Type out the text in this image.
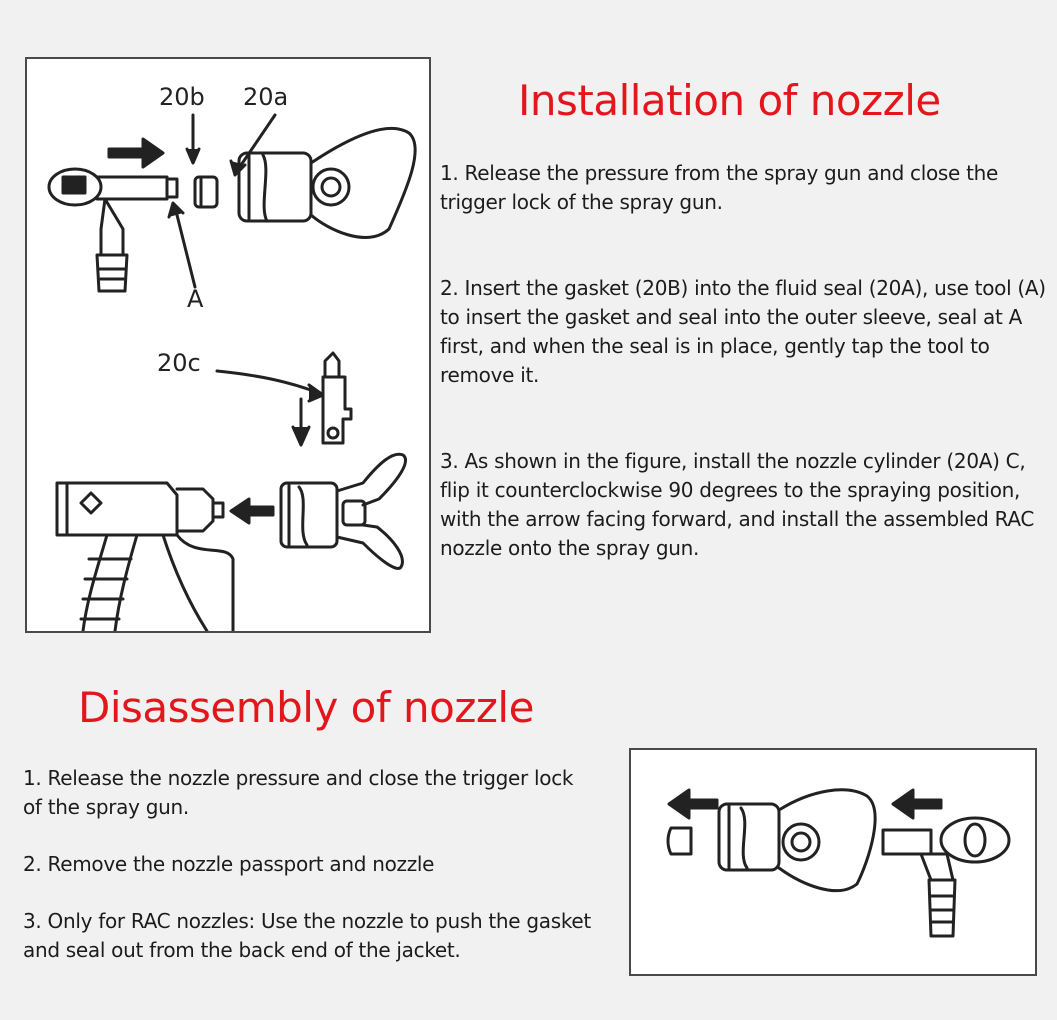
20b 20a
A
20c
Installation of nozzle

1. Release the pressure from the spray gun and close the trigger lock of the spray gun.

2. Insert the gasket (20B) into the fluid seal (20A), use tool (A) to insert the gasket and seal into the outer sleeve, seal at A first, and when the seal is in place, gently tap the tool to remove it.

3. As shown in the figure, install the nozzle cylinder (20A) C, flip it counterclockwise 90 degrees to the spraying position, with the arrow facing forward, and install the assembled RAC nozzle onto the spray gun.

Disassembly of nozzle

1. Release the nozzle pressure and close the trigger lock of the spray gun.

2. Remove the nozzle passport and nozzle

3. Only for RAC nozzles: Use the nozzle to push the gasket and seal out from the back end of the jacket.
